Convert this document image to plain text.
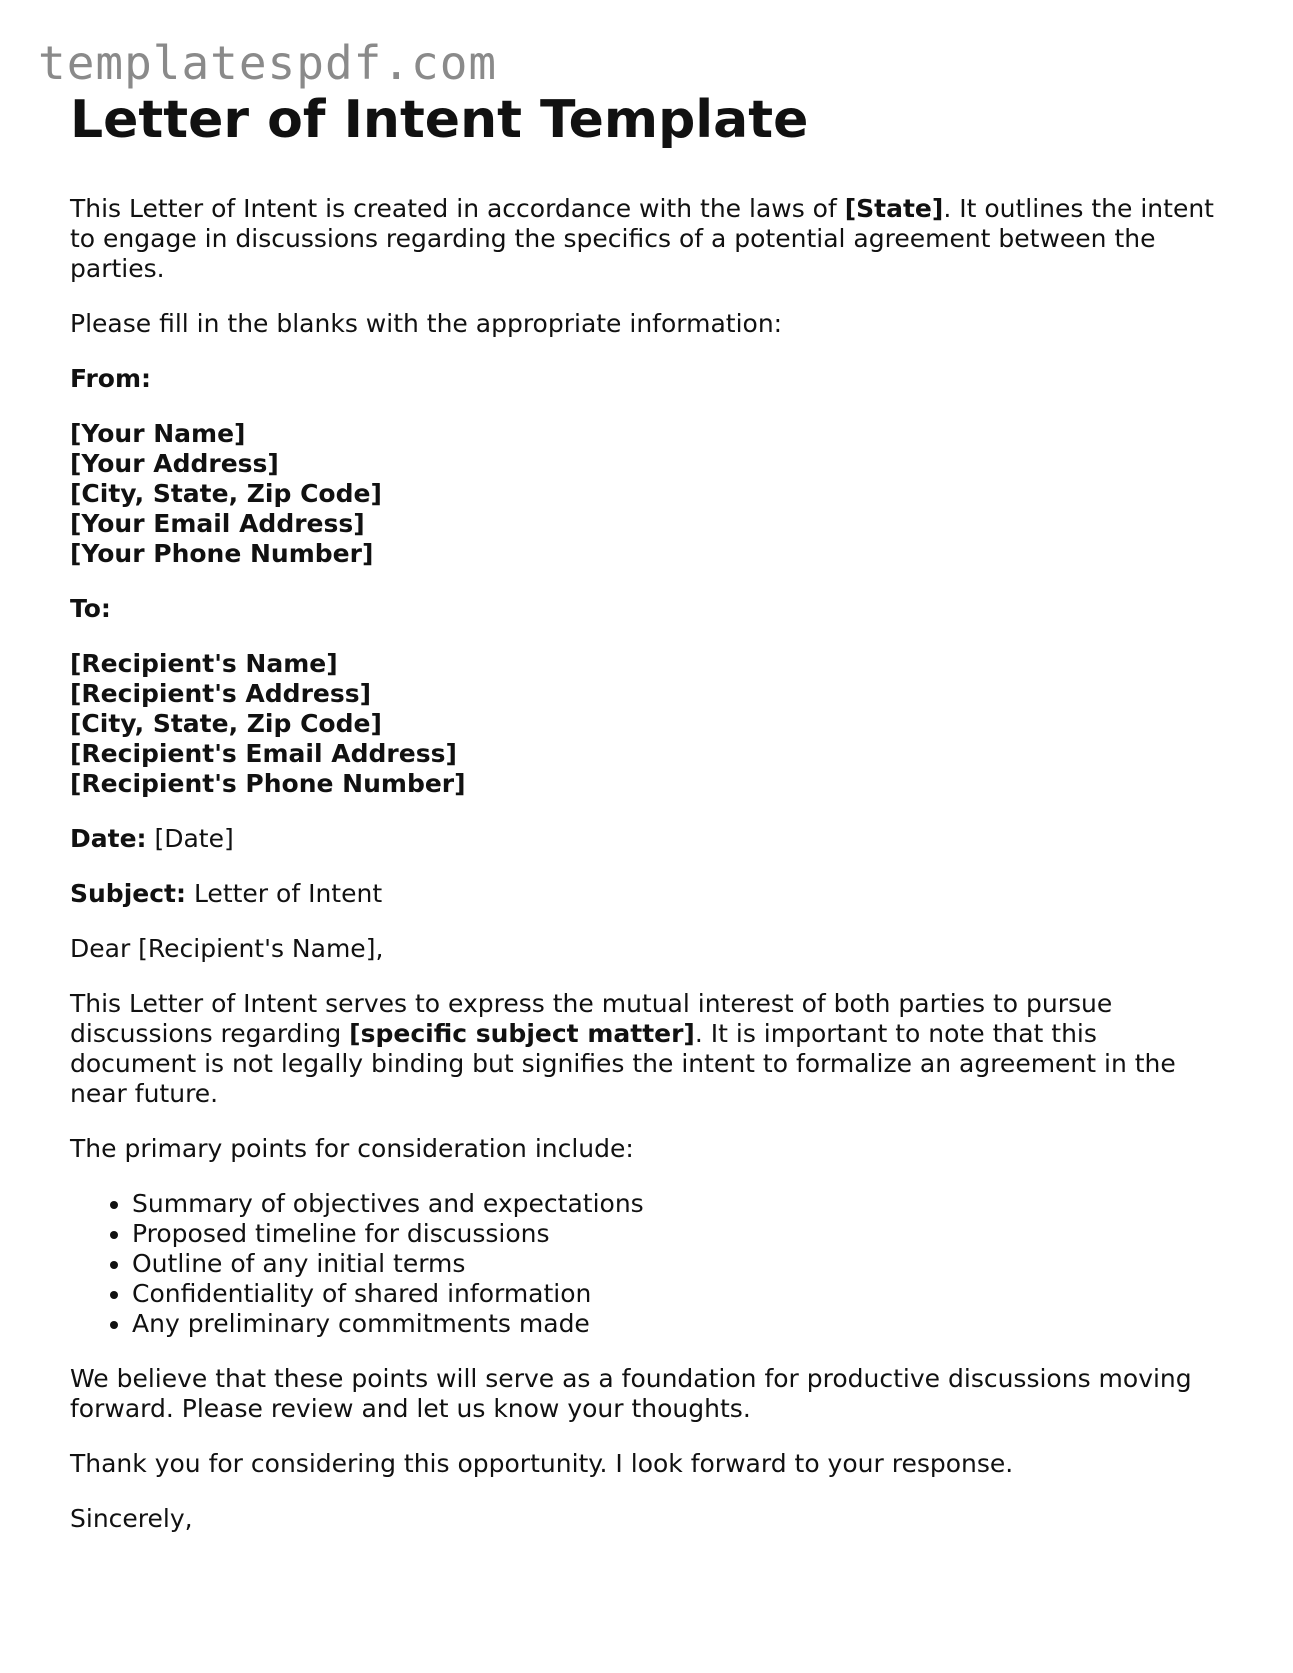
templatespdf.com
Letter of Intent Template

This Letter of Intent is created in accordance with the laws of [State]. It outlines the intent to engage in discussions regarding the specifics of a potential agreement between the parties.

Please fill in the blanks with the appropriate information:

From:

[Your Name]
[Your Address]
[City, State, Zip Code]
[Your Email Address]
[Your Phone Number]

To:

[Recipient's Name]
[Recipient's Address]
[City, State, Zip Code]
[Recipient's Email Address]
[Recipient's Phone Number]

Date: [Date]

Subject: Letter of Intent

Dear [Recipient's Name],

This Letter of Intent serves to express the mutual interest of both parties to pursue discussions regarding [specific subject matter]. It is important to note that this document is not legally binding but signifies the intent to formalize an agreement in the near future.

The primary points for consideration include:

• Summary of objectives and expectations
• Proposed timeline for discussions
• Outline of any initial terms
• Confidentiality of shared information
• Any preliminary commitments made

We believe that these points will serve as a foundation for productive discussions moving forward. Please review and let us know your thoughts.

Thank you for considering this opportunity. I look forward to your response.

Sincerely,
